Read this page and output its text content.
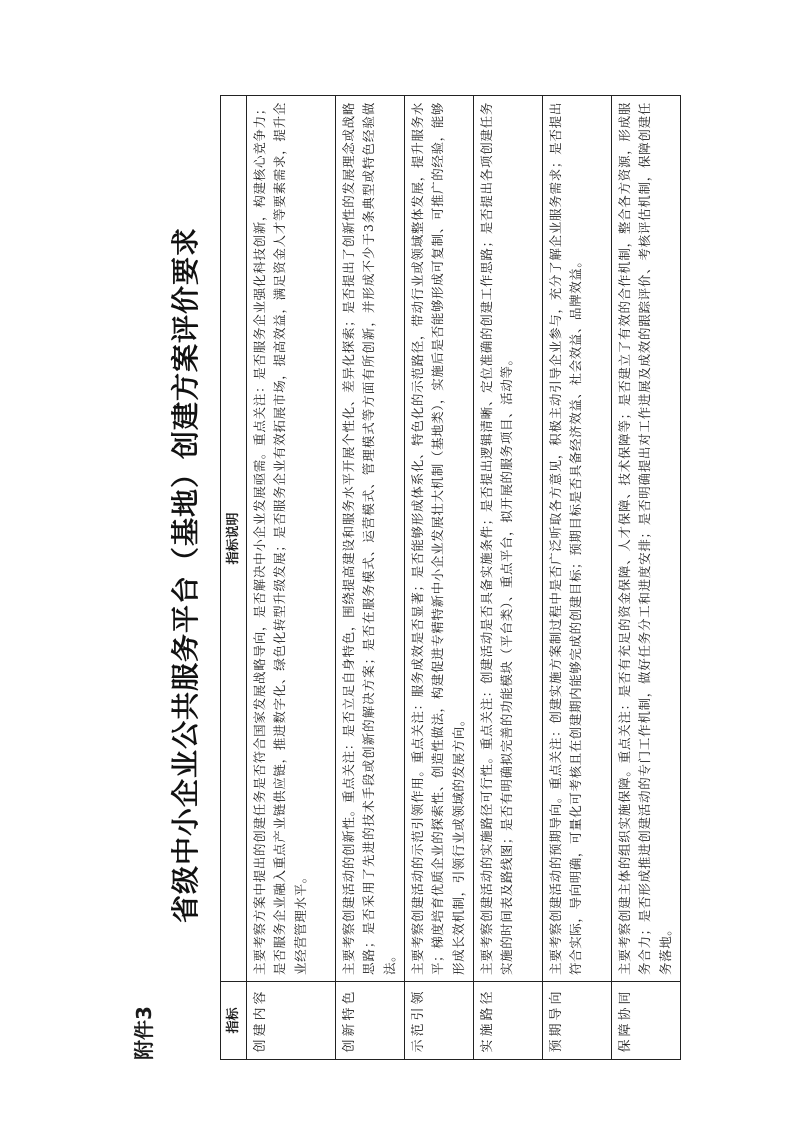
附件3
省级中小企业公共服务平台（基地）创建方案评价要求
指标	指标说明
创建内容	主要考察方案中提出的创建任务是否符合国家发展战略导向，是否解决中小企业发展亟需。重点关注：是否服务企业强化科技创新，构建核心竞争力；是否服务企业融入重点产业链供应链，推进数字化、绿色化转型升级发展；是否服务企业有效拓展市场，提高效益，满足资金人才等要素需求，提升企业经营管理水平。
创新特色	主要考察创建活动的创新性。重点关注：是否立足自身特色，围绕提高建设和服务水平开展个性化、差异化探索；是否提出了创新性的发展理念或战略思路；是否采用了先进的技术手段或创新的解决方案；是否在服务模式、运营模式、管理模式等方面有所创新，并形成不少于3条典型或特色经验做法。
示范引领	主要考察创建活动的示范引领作用。重点关注：服务成效是否显著；是否能够形成体系化、特色化的示范路径，带动行业或领域整体发展，提升服务水平；梯度培育优质企业的探索性、创造性做法，构建促进专精特新中小企业发展壮大机制（基地类），实施后是否能够形成可复制、可推广的经验，能够形成长效机制，引领行业或领域的发展方向。
实施路径	主要考察创建活动的实施路径可行性。重点关注：创建活动是否具备实施条件；是否提出逻辑清晰、定位准确的创建工作思路；是否提出各项创建任务实施的时间表及路线图；是否有明确拟完善的功能模块（平台类）、重点平台，拟开展的服务项目、活动等。
预期导向	主要考察创建活动的预期导向。重点关注：创建实施方案制过程中是否广泛听取各方意见，积极主动引导企业参与，充分了解企业服务需求；是否提出符合实际，导向明确，可量化可考核且在创建期内能够完成的创建目标；预期目标是否具备经济效益、社会效益、品牌效益。
保障协同	主要考察创建主体的组织实施保障。重点关注：是否有充足的资金保障、人才保障、技术保障等；是否建立了有效的合作机制，整合各方资源，形成服务合力；是否形成推进创建活动的专门工作机制，做好任务分工和进度安排；是否明确提出对工作进展及成效的跟踪评价、考核评估机制，保障创建任务落地。
